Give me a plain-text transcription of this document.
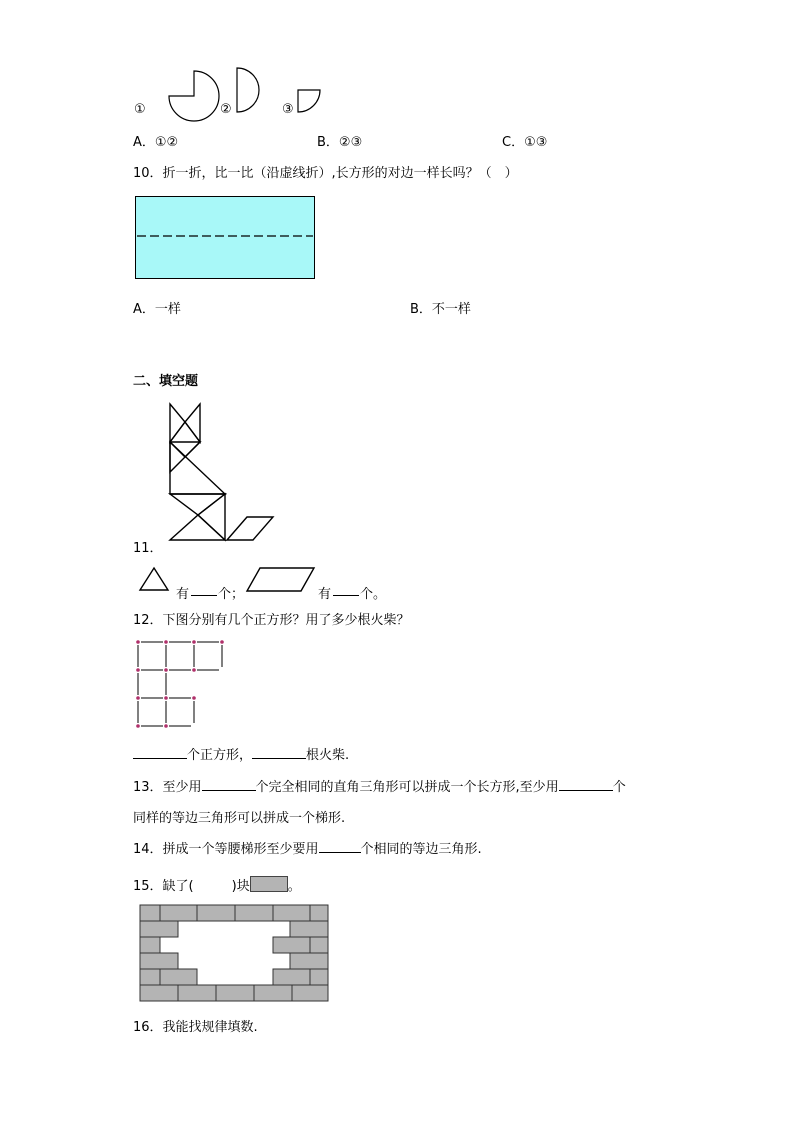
①	②	③
A．①②	B．②③	C．①③
10．折一折，比一比（沿虚线折）,长方形的对边一样长吗？（　）
A．一样	B．不一样
二、填空题
11．
有 个；	有 个。
12．下图分别有几个正方形？用了多少根火柴？
个正方形，	根火柴.
13．至少用	个完全相同的直角三角形可以拼成一个长方形,至少用	个
同样的等边三角形可以拼成一个梯形.
14．拼成一个等腰梯形至少要用	个相同的等边三角形.
15．缺了(	)块	。
16．我能找规律填数.
